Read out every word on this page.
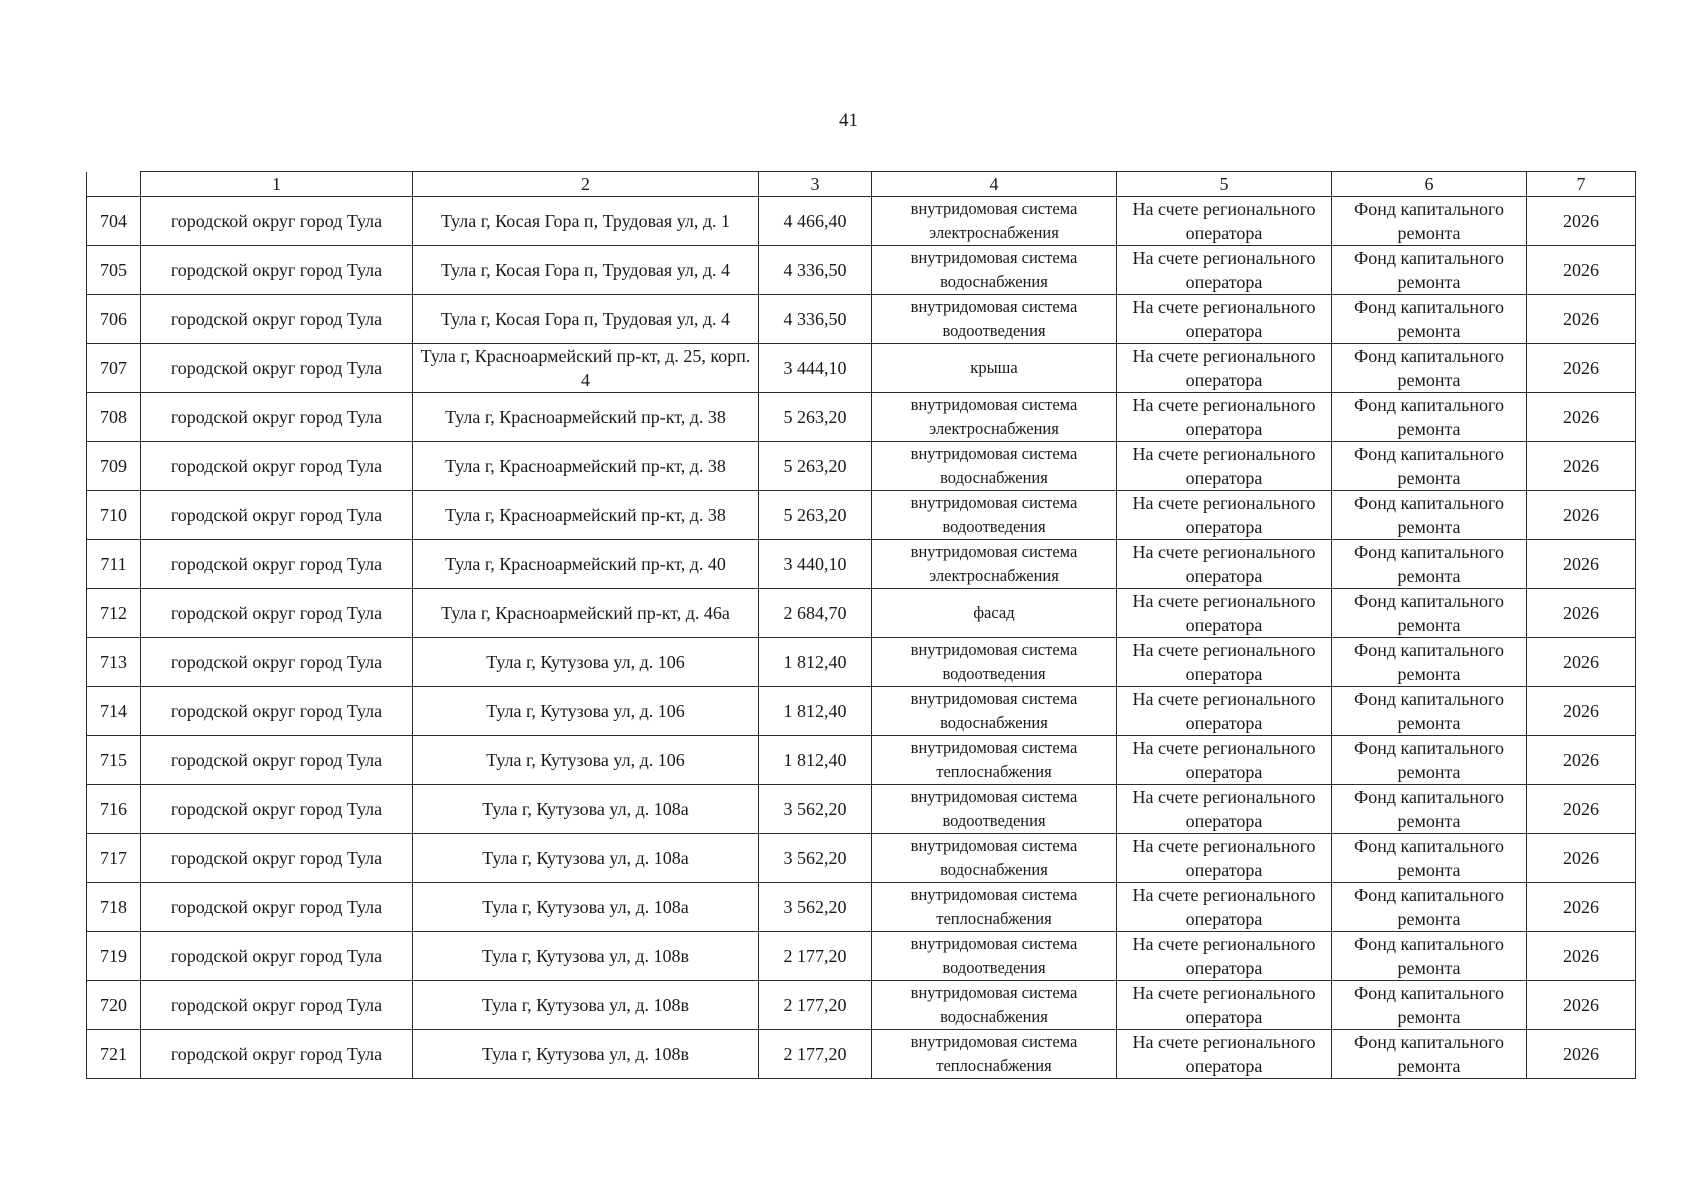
41
	1	2	3	4	5	6	7
704	городской округ город Тула	Тула г, Косая Гора п, Трудовая ул, д. 1	4 466,40	внутридомовая система электроснабжения	На счете регионального оператора	Фонд капитального ремонта	2026
705	городской округ город Тула	Тула г, Косая Гора п, Трудовая ул, д. 4	4 336,50	внутридомовая система водоснабжения	На счете регионального оператора	Фонд капитального ремонта	2026
706	городской округ город Тула	Тула г, Косая Гора п, Трудовая ул, д. 4	4 336,50	внутридомовая система водоотведения	На счете регионального оператора	Фонд капитального ремонта	2026
707	городской округ город Тула	Тула г, Красноармейский пр-кт, д. 25, корп. 4	3 444,10	крыша	На счете регионального оператора	Фонд капитального ремонта	2026
708	городской округ город Тула	Тула г, Красноармейский пр-кт, д. 38	5 263,20	внутридомовая система электроснабжения	На счете регионального оператора	Фонд капитального ремонта	2026
709	городской округ город Тула	Тула г, Красноармейский пр-кт, д. 38	5 263,20	внутридомовая система водоснабжения	На счете регионального оператора	Фонд капитального ремонта	2026
710	городской округ город Тула	Тула г, Красноармейский пр-кт, д. 38	5 263,20	внутридомовая система водоотведения	На счете регионального оператора	Фонд капитального ремонта	2026
711	городской округ город Тула	Тула г, Красноармейский пр-кт, д. 40	3 440,10	внутридомовая система электроснабжения	На счете регионального оператора	Фонд капитального ремонта	2026
712	городской округ город Тула	Тула г, Красноармейский пр-кт, д. 46а	2 684,70	фасад	На счете регионального оператора	Фонд капитального ремонта	2026
713	городской округ город Тула	Тула г, Кутузова ул, д. 106	1 812,40	внутридомовая система водоотведения	На счете регионального оператора	Фонд капитального ремонта	2026
714	городской округ город Тула	Тула г, Кутузова ул, д. 106	1 812,40	внутридомовая система водоснабжения	На счете регионального оператора	Фонд капитального ремонта	2026
715	городской округ город Тула	Тула г, Кутузова ул, д. 106	1 812,40	внутридомовая система теплоснабжения	На счете регионального оператора	Фонд капитального ремонта	2026
716	городской округ город Тула	Тула г, Кутузова ул, д. 108а	3 562,20	внутридомовая система водоотведения	На счете регионального оператора	Фонд капитального ремонта	2026
717	городской округ город Тула	Тула г, Кутузова ул, д. 108а	3 562,20	внутридомовая система водоснабжения	На счете регионального оператора	Фонд капитального ремонта	2026
718	городской округ город Тула	Тула г, Кутузова ул, д. 108а	3 562,20	внутридомовая система теплоснабжения	На счете регионального оператора	Фонд капитального ремонта	2026
719	городской округ город Тула	Тула г, Кутузова ул, д. 108в	2 177,20	внутридомовая система водоотведения	На счете регионального оператора	Фонд капитального ремонта	2026
720	городской округ город Тула	Тула г, Кутузова ул, д. 108в	2 177,20	внутридомовая система водоснабжения	На счете регионального оператора	Фонд капитального ремонта	2026
721	городской округ город Тула	Тула г, Кутузова ул, д. 108в	2 177,20	внутридомовая система теплоснабжения	На счете регионального оператора	Фонд капитального ремонта	2026
